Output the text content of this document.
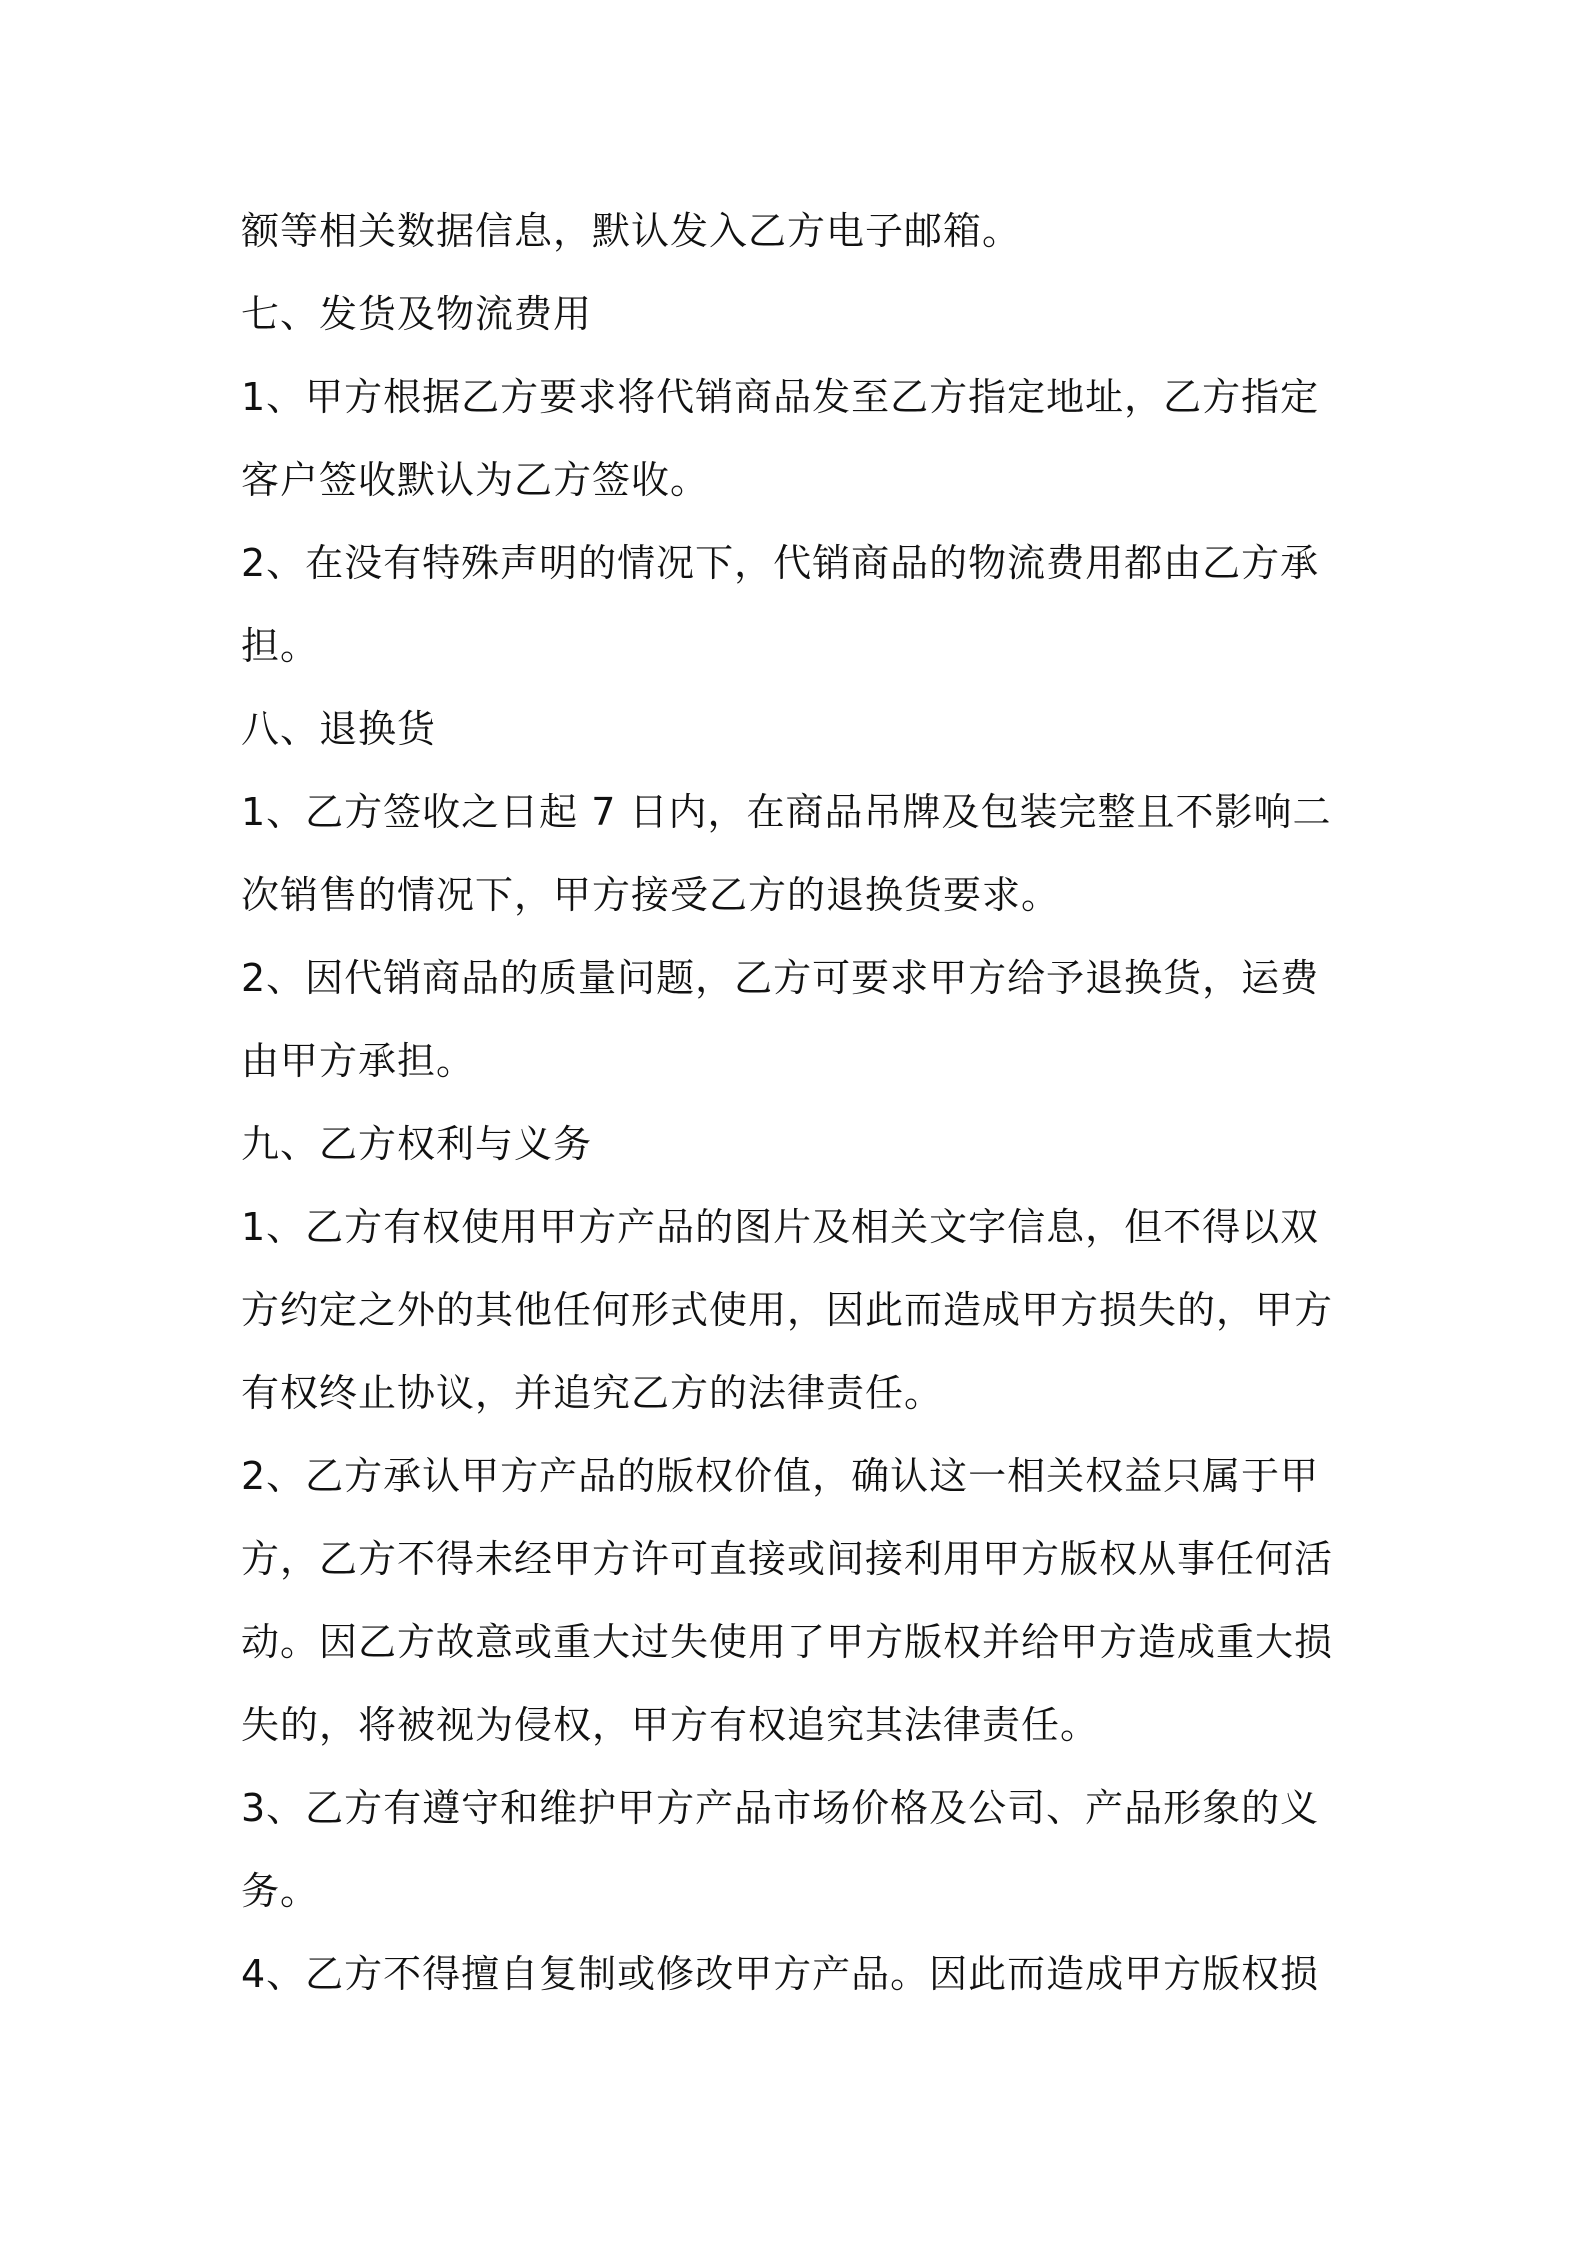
额等相关数据信息，默认发入乙方电子邮箱。
七、发货及物流费用
1、甲方根据乙方要求将代销商品发至乙方指定地址，乙方指定
客户签收默认为乙方签收。
2、在没有特殊声明的情况下，代销商品的物流费用都由乙方承
担。
八、退换货
1、乙方签收之日起 7 日内，在商品吊牌及包装完整且不影响二
次销售的情况下，甲方接受乙方的退换货要求。
2、因代销商品的质量问题，乙方可要求甲方给予退换货，运费
由甲方承担。
九、乙方权利与义务
1、乙方有权使用甲方产品的图片及相关文字信息，但不得以双
方约定之外的其他任何形式使用，因此而造成甲方损失的，甲方
有权终止协议，并追究乙方的法律责任。
2、乙方承认甲方产品的版权价值，确认这一相关权益只属于甲
方，乙方不得未经甲方许可直接或间接利用甲方版权从事任何活
动。因乙方故意或重大过失使用了甲方版权并给甲方造成重大损
失的，将被视为侵权，甲方有权追究其法律责任。
3、乙方有遵守和维护甲方产品市场价格及公司、产品形象的义
务。
4、乙方不得擅自复制或修改甲方产品。因此而造成甲方版权损
